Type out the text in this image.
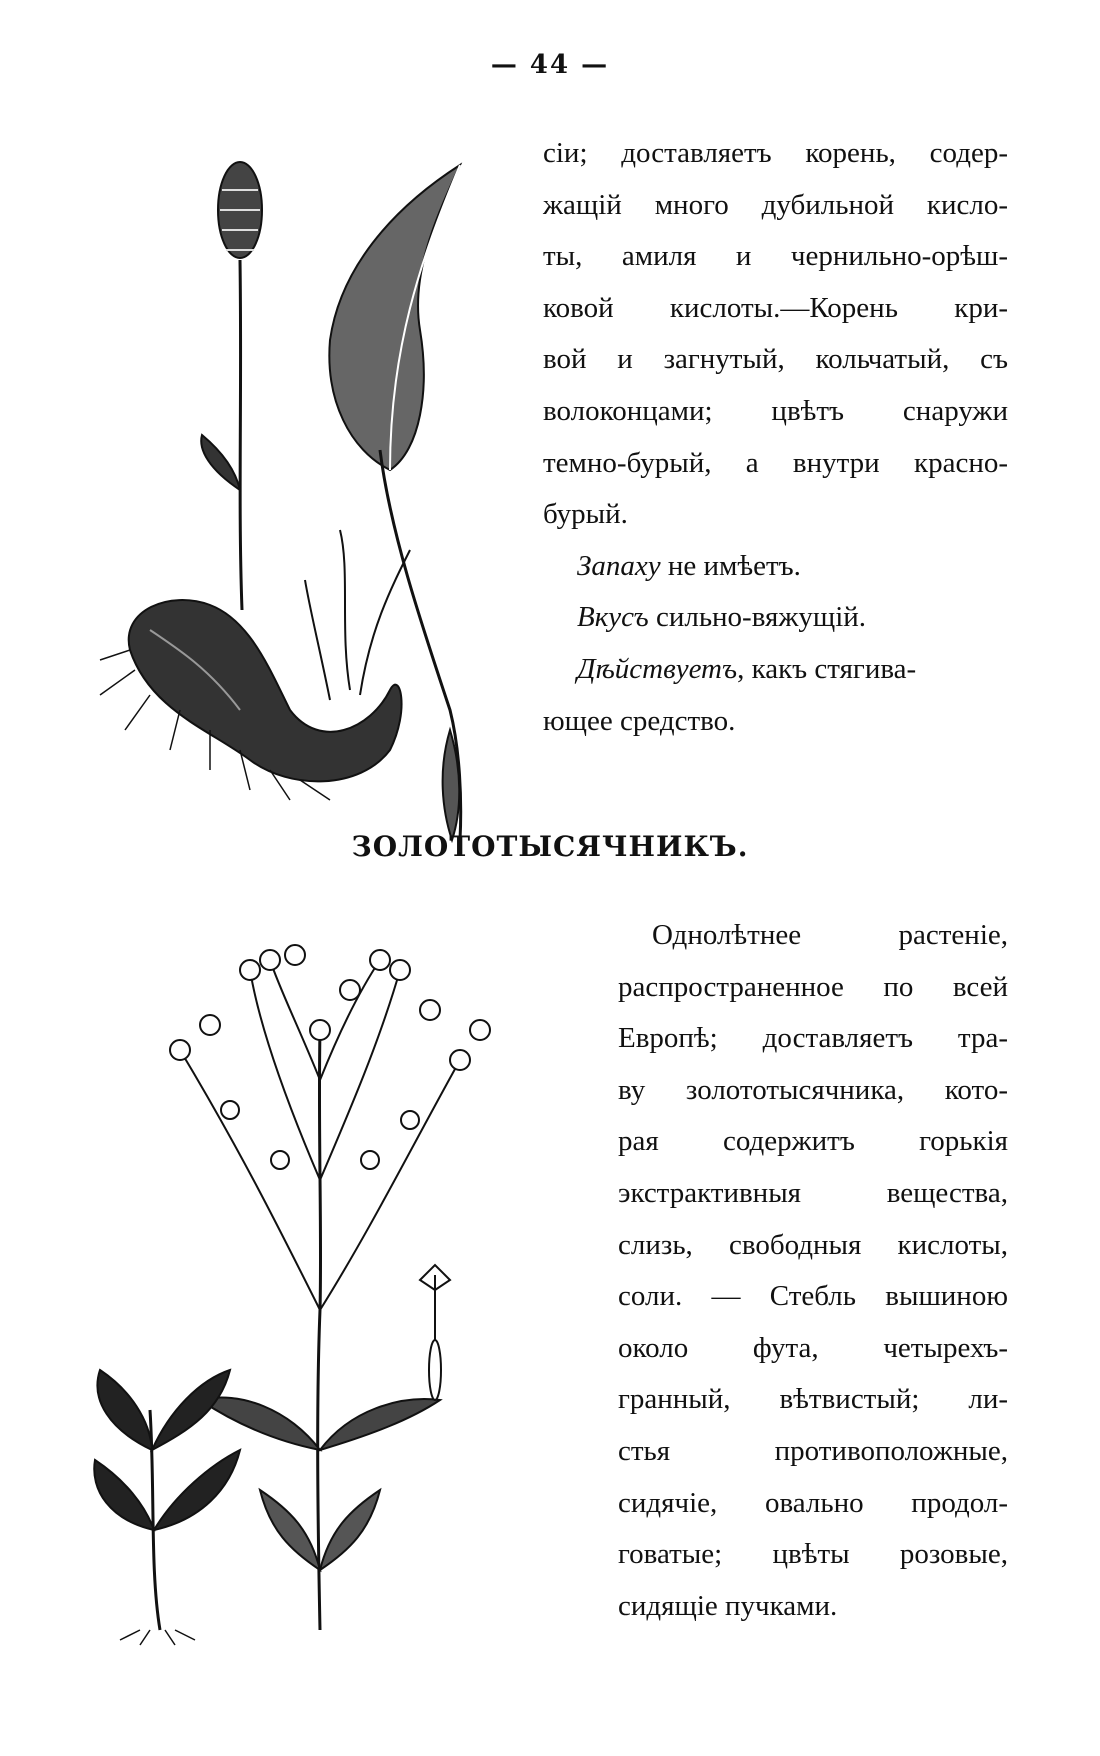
— 44 —
сіи; доставляетъ корень, содер-
жащій много дубильной кисло-
ты, амиля и чернильно-орѣш-
ковой кислоты.—Корень кри-
вой и загнутый, кольчатый, съ
волоконцами; цвѣтъ снаружи
темно-бурый, а внутри красно-
бурый.
Запаху не имѣетъ.
Вкусъ сильно-вяжущій.
Дѣйствуетъ, какъ стягива-
ющее средство.
ЗОЛОТОТЫСЯЧНИКЪ.
Однолѣтнее растеніе,
распространенное по всей
Европѣ; доставляетъ тра-
ву золототысячника, кото-
рая содержитъ горькія
экстрактивныя вещества,
слизь, свободныя кислоты,
соли. — Стебль вышиною
около фута, четырехъ-
гранный, вѣтвистый; ли-
стья противоположные,
сидячіе, овально продол-
говатые; цвѣты розовые,
сидящіе пучками.
